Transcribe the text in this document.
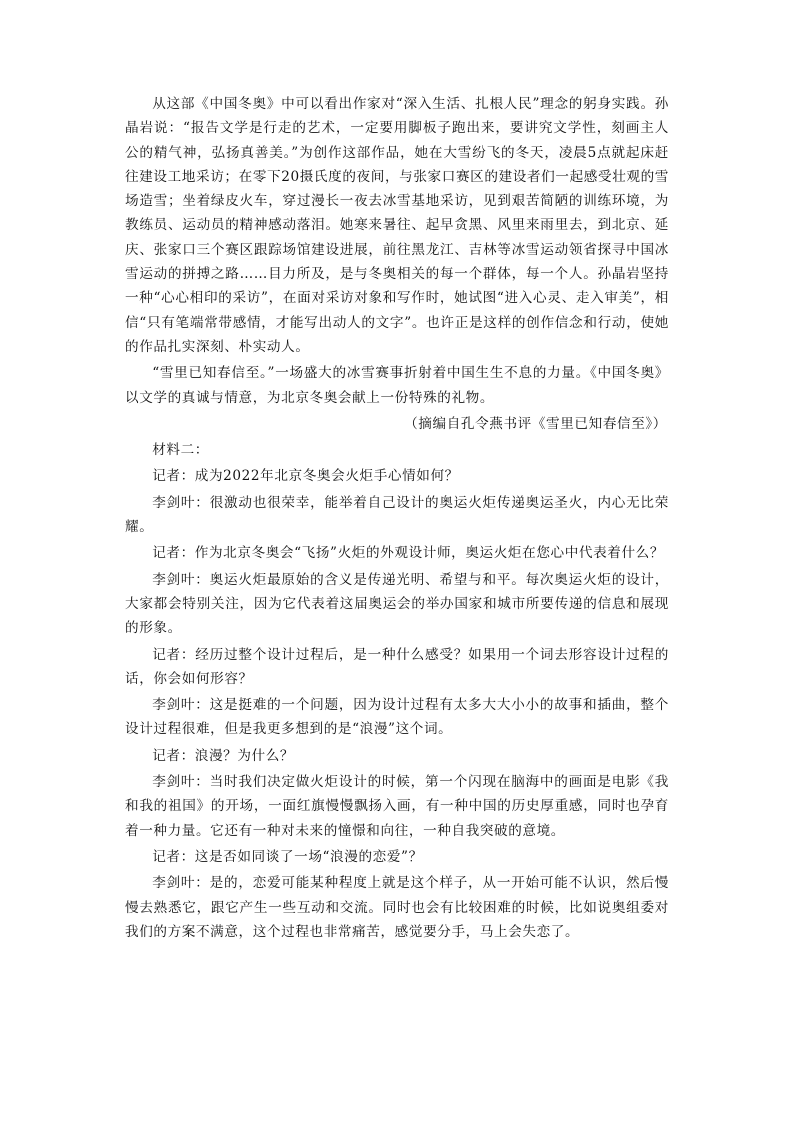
从这部《中国冬奥》中可以看出作家对“深入生活、扎根人民”理念的躬身实践。孙晶岩说：“报告文学是行走的艺术，一定要用脚板子跑出来，要讲究文学性，刻画主人公的精气神，弘扬真善美。”为创作这部作品，她在大雪纷飞的冬天，凌晨5点就起床赶往建设工地采访；在零下20摄氏度的夜间，与张家口赛区的建设者们一起感受壮观的雪场造雪；坐着绿皮火车，穿过漫长一夜去冰雪基地采访，见到艰苦简陋的训练环境，为教练员、运动员的精神感动落泪。她寒来暑往、起早贪黑、风里来雨里去，到北京、延庆、张家口三个赛区跟踪场馆建设进展，前往黑龙江、吉林等冰雪运动领省探寻中国冰雪运动的拼搏之路……目力所及，是与冬奥相关的每一个群体，每一个人。孙晶岩坚持一种“心心相印的采访”，在面对采访对象和写作时，她试图“进入心灵、走入审美”，相信“只有笔端常带感情，才能写出动人的文字”。也许正是这样的创作信念和行动，使她的作品扎实深刻、朴实动人。

“雪里已知春信至。”一场盛大的冰雪赛事折射着中国生生不息的力量。《中国冬奥》以文学的真诚与情意，为北京冬奥会献上一份特殊的礼物。

（摘编自孔令燕书评《雪里已知春信至》）

材料二：

记者：成为2022年北京冬奥会火炬手心情如何？

李剑叶：很激动也很荣幸，能举着自己设计的奥运火炬传递奥运圣火，内心无比荣耀。

记者：作为北京冬奥会“飞扬”火炬的外观设计师，奥运火炬在您心中代表着什么？

李剑叶：奥运火炬最原始的含义是传递光明、希望与和平。每次奥运火炬的设计，大家都会特别关注，因为它代表着这届奥运会的举办国家和城市所要传递的信息和展现的形象。

记者：经历过整个设计过程后，是一种什么感受？如果用一个词去形容设计过程的话，你会如何形容？

李剑叶：这是挺难的一个问题，因为设计过程有太多大大小小的故事和插曲，整个设计过程很难，但是我更多想到的是“浪漫”这个词。

记者：浪漫？为什么？

李剑叶：当时我们决定做火炬设计的时候，第一个闪现在脑海中的画面是电影《我和我的祖国》的开场，一面红旗慢慢飘扬入画，有一种中国的历史厚重感，同时也孕育着一种力量。它还有一种对未来的憧憬和向往，一种自我突破的意境。

记者：这是否如同谈了一场“浪漫的恋爱”？

李剑叶：是的，恋爱可能某种程度上就是这个样子，从一开始可能不认识，然后慢慢去熟悉它，跟它产生一些互动和交流。同时也会有比较困难的时候，比如说奥组委对我们的方案不满意，这个过程也非常痛苦，感觉要分手，马上会失恋了。
